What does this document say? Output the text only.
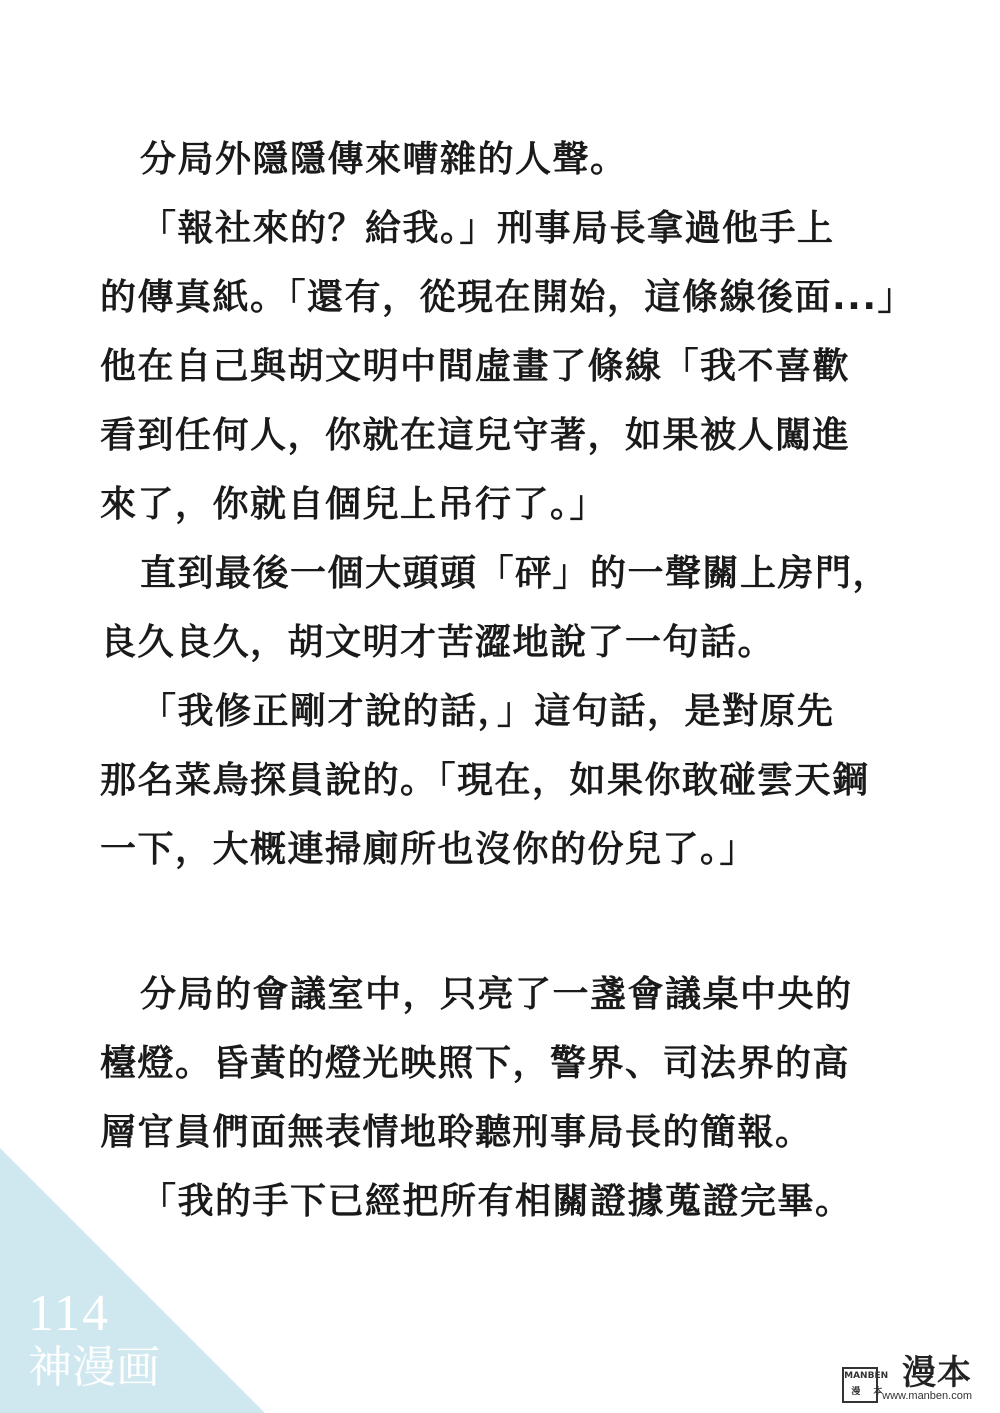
分局外隱隱傳來嘈雜的人聲。
「報社來的？給我。」刑事局長拿過他手上
的傳真紙。「還有，從現在開始，這條線後面...」
他在自己與胡文明中間虛畫了條線「我不喜歡
看到任何人，你就在這兒守著，如果被人闖進
來了，你就自個兒上吊行了。」
直到最後一個大頭頭「砰」的一聲關上房門，
良久良久，胡文明才苦澀地說了一句話。
「我修正剛才說的話，」這句話，是對原先
那名菜鳥探員說的。「現在，如果你敢碰雲天鋼
一下，大概連掃廁所也沒你的份兒了。」
分局的會議室中，只亮了一盞會議桌中央的
檯燈。昏黃的燈光映照下，警界、司法界的高
層官員們面無表情地聆聽刑事局長的簡報。
「我的手下已經把所有相關證據蒐證完畢。
114
神漫画	MAN BEN
漫	本 漫本
www.manben.com
